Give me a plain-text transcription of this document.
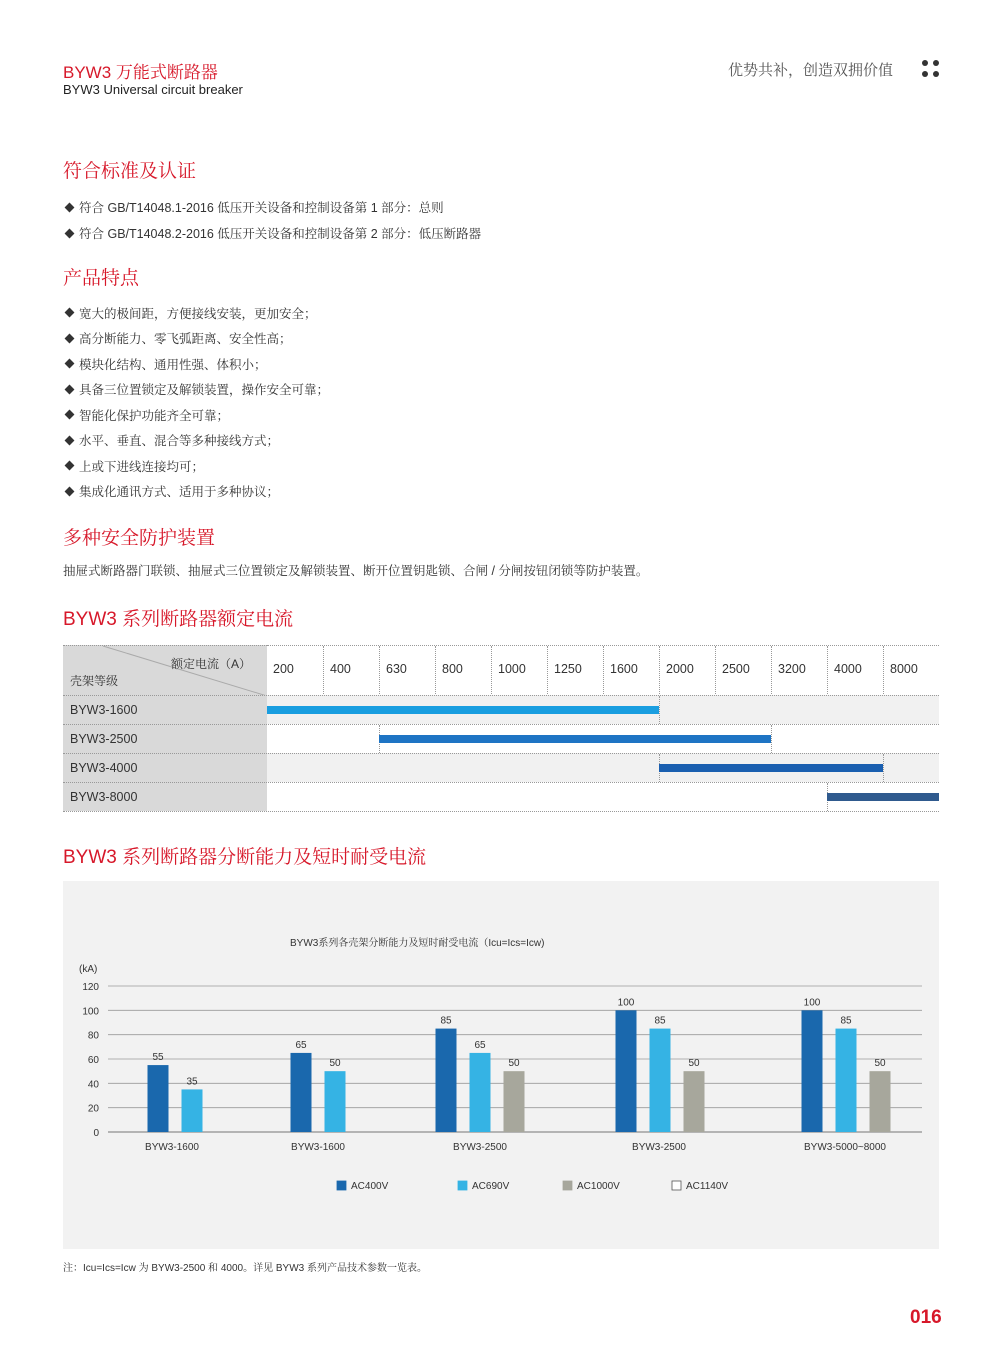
BYW3 万能式断路器
BYW3 Universal circuit breaker
优势共补，创造双拥价值
符合标准及认证
符合 GB/T14048.1-2016 低压开关设备和控制设备第 1 部分：总则
符合 GB/T14048.2-2016 低压开关设备和控制设备第 2 部分：低压断路器
产品特点
宽大的极间距，方便接线安装，更加安全；
高分断能力、零飞弧距离、安全性高；
模块化结构、通用性强、体积小；
具备三位置锁定及解锁装置，操作安全可靠；
智能化保护功能齐全可靠；
水平、垂直、混合等多种接线方式；
上或下进线连接均可；
集成化通讯方式、适用于多种协议；
多种安全防护装置
抽屉式断路器门联锁、抽屉式三位置锁定及解锁装置、断开位置钥匙锁、合闸 / 分闸按钮闭锁等防护装置。
BYW3 系列断路器额定电流
额定电流（A）
壳架等级
200	400	630	800	1000 1250 1600 2000 2500 3200 4000 8000
BYW3-1600
BYW3-2500
BYW3-4000
BYW3-8000
BYW3 系列断路器分断能力及短时耐受电流
BYW3系列各壳架分断能力及短时耐受电流（Icu=Ics=Icw)
(kA)
0
20
40
60
80
100
120
55
35
BYW3-1600
65
50
BYW3-1600
85
65
50
BYW3-2500
100
85
50
BYW3-2500
100
85
50
BYW3-5000~8000
AC400V	AC690V	AC1000V	AC1140V
注：Icu=Ics=Icw 为 BYW3-2500 和 4000。详见 BYW3 系列产品技术参数一览表。
016
